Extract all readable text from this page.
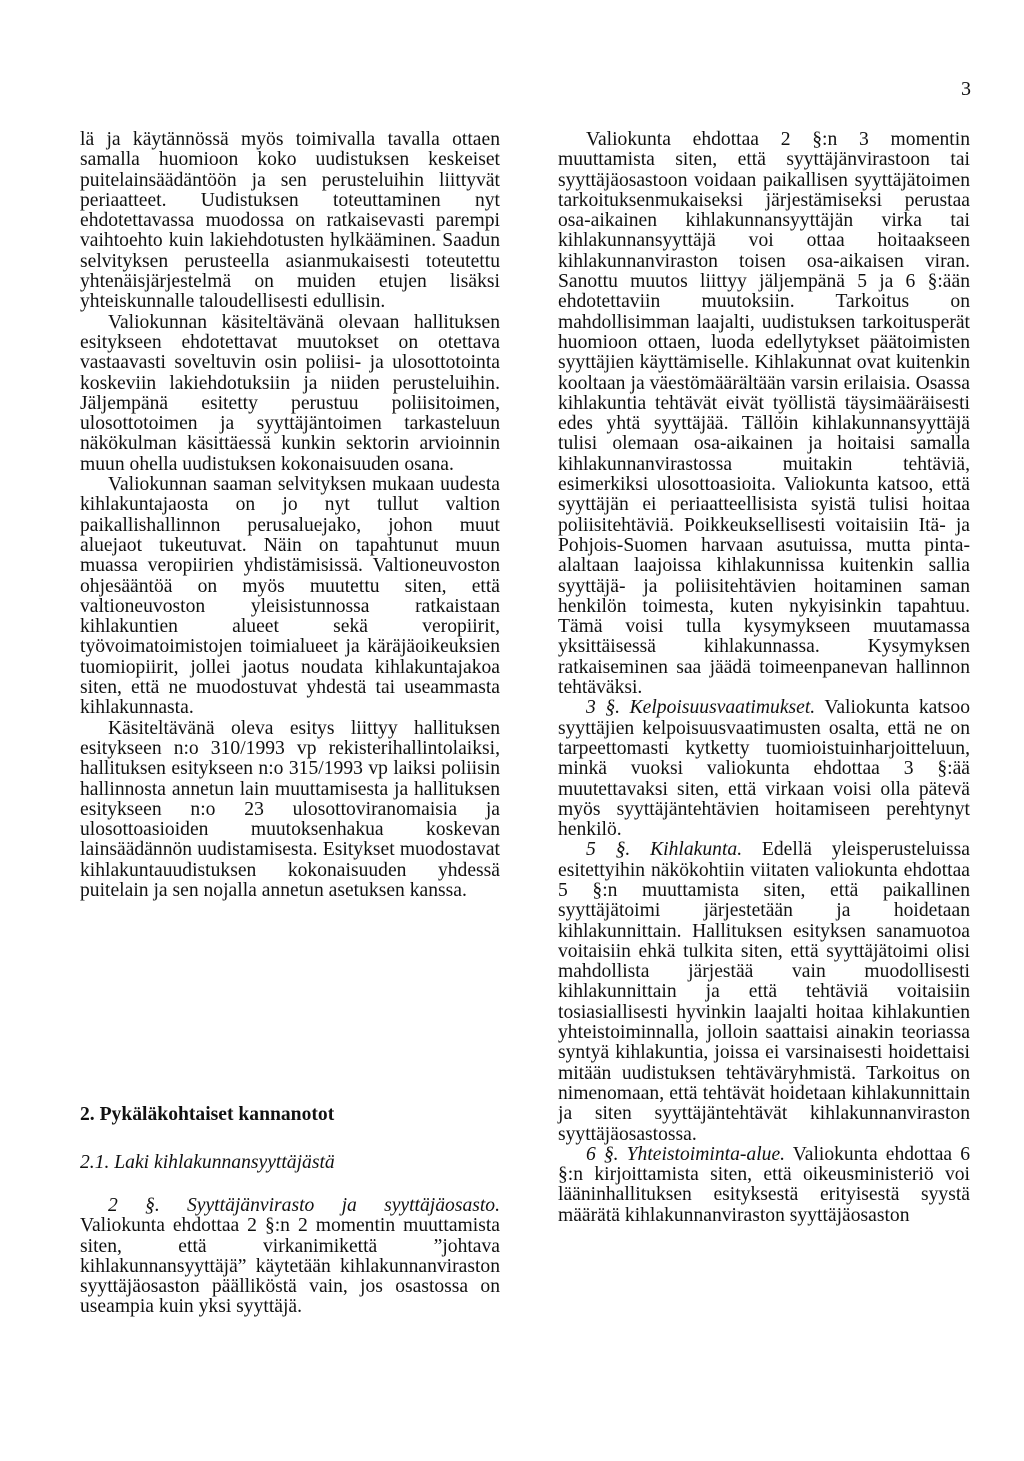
3

lä ja käytännössä myös toimivalla tavalla ottaen samalla huomioon koko uudistuksen keskeiset puitelainsäädäntöön ja sen perusteluihin liittyvät periaatteet. Uudistuksen toteuttaminen nyt ehdotettavassa muodossa on ratkaisevasti parempi vaihtoehto kuin lakiehdotusten hylkääminen. Saadun selvityksen perusteella asianmukaisesti toteutettu yhtenäisjärjestelmä on muiden etujen lisäksi yhteiskunnalle taloudellisesti edullisin.

Valiokunnan käsiteltävänä olevaan hallituksen esitykseen ehdotettavat muutokset on otettava vastaavasti soveltuvin osin poliisi- ja ulosottotointa koskeviin lakiehdotuksiin ja niiden perusteluihin. Jäljempänä esitetty perustuu poliisitoimen, ulosottotoimen ja syyttäjäntoimen tarkasteluun näkökulman käsittäessä kunkin sektorin arvioinnin muun ohella uudistuksen kokonaisuuden osana.

Valiokunnan saaman selvityksen mukaan uudesta kihlakuntajaosta on jo nyt tullut valtion paikallishallinnon perusaluejako, johon muut aluejaot tukeutuvat. Näin on tapahtunut muun muassa veropiirien yhdistämisissä. Valtioneuvoston ohjesääntöä on myös muutettu siten, että valtioneuvoston yleisistunnossa ratkaistaan kihlakuntien alueet sekä veropiirit, työvoimatoimistojen toimialueet ja käräjäoikeuksien tuomiopiirit, jollei jaotus noudata kihlakuntajakoa siten, että ne muodostuvat yhdestä tai useammasta kihlakunnasta.

Käsiteltävänä oleva esitys liittyy hallituksen esitykseen n:o 310/1993 vp rekisterihallintolaiksi, hallituksen esitykseen n:o 315/1993 vp laiksi poliisin hallinnosta annetun lain muuttamisesta ja hallituksen esitykseen n:o 23 ulosottoviranomaisia ja ulosottoasioiden muutoksenhakua koskevan lainsäädännön uudistamisesta. Esitykset muodostavat kihlakuntauudistuksen kokonaisuuden yhdessä puitelain ja sen nojalla annetun asetuksen kanssa.

2. Pykäläkohtaiset kannanotot
2.1. Laki kihlakunnansyyttäjästä

2 §. Syyttäjänvirasto ja syyttäjäosasto. Valiokunta ehdottaa 2 §:n 2 momentin muuttamista siten, että virkanimikettä ”johtava kihlakunnansyyttäjä” käytetään kihlakunnanviraston syyttäjäosaston päälliköstä vain, jos osastossa on useampia kuin yksi syyttäjä.

Valiokunta ehdottaa 2 §:n 3 momentin muuttamista siten, että syyttäjänvirastoon tai syyttäjäosastoon voidaan paikallisen syyttäjätoimen tarkoituksenmukaiseksi järjestämiseksi perustaa osa-aikainen kihlakunnansyyttäjän virka tai kihlakunnansyyttäjä voi ottaa hoitaakseen kihlakunnanviraston toisen osa-aikaisen viran. Sanottu muutos liittyy jäljempänä 5 ja 6 §:ään ehdotettaviin muutoksiin. Tarkoitus on mahdollisimman laajalti, uudistuksen tarkoitusperät huomioon ottaen, luoda edellytykset päätoimisten syyttäjien käyttämiselle. Kihlakunnat ovat kuitenkin kooltaan ja väestömäärältään varsin erilaisia. Osassa kihlakuntia tehtävät eivät työllistä täysimääräisesti edes yhtä syyttäjää. Tällöin kihlakunnansyyttäjä tulisi olemaan osa-aikainen ja hoitaisi samalla kihlakunnanvirastossa muitakin tehtäviä, esimerkiksi ulosottoasioita. Valiokunta katsoo, että syyttäjän ei periaatteellisista syistä tulisi hoitaa poliisitehtäviä. Poikkeuksellisesti voitaisiin Itä- ja Pohjois-Suomen harvaan asutuissa, mutta pinta-alaltaan laajoissa kihlakunnissa kuitenkin sallia syyttäjä- ja poliisitehtävien hoitaminen saman henkilön toimesta, kuten nykyisinkin tapahtuu. Tämä voisi tulla kysymykseen muutamassa yksittäisessä kihlakunnassa. Kysymyksen ratkaiseminen saa jäädä toimeenpanevan hallinnon tehtäväksi.

3 §. Kelpoisuusvaatimukset. Valiokunta katsoo syyttäjien kelpoisuusvaatimusten osalta, että ne on tarpeettomasti kytketty tuomioistuinharjoitteluun, minkä vuoksi valiokunta ehdottaa 3 §:ää muutettavaksi siten, että virkaan voisi olla pätevä myös syyttäjäntehtävien hoitamiseen perehtynyt henkilö.

5 §. Kihlakunta. Edellä yleisperusteluissa esitettyihin näkökohtiin viitaten valiokunta ehdottaa 5 §:n muuttamista siten, että paikallinen syyttäjätoimi järjestetään ja hoidetaan kihlakunnittain. Hallituksen esityksen sanamuotoa voitaisiin ehkä tulkita siten, että syyttäjätoimi olisi mahdollista järjestää vain muodollisesti kihlakunnittain ja että tehtäviä voitaisiin tosiasiallisesti hyvinkin laajalti hoitaa kihlakuntien yhteistoiminnalla, jolloin saattaisi ainakin teoriassa syntyä kihlakuntia, joissa ei varsinaisesti hoidettaisi mitään uudistuksen tehtäväryhmistä. Tarkoitus on nimenomaan, että tehtävät hoidetaan kihlakunnittain ja siten syyttäjäntehtävät kihlakunnanviraston syyttäjäosastossa.

6 §. Yhteistoiminta-alue. Valiokunta ehdottaa 6 §:n kirjoittamista siten, että oikeusministeriö voi lääninhallituksen esityksestä erityisestä syystä määrätä kihlakunnanviraston syyttäjäosaston
